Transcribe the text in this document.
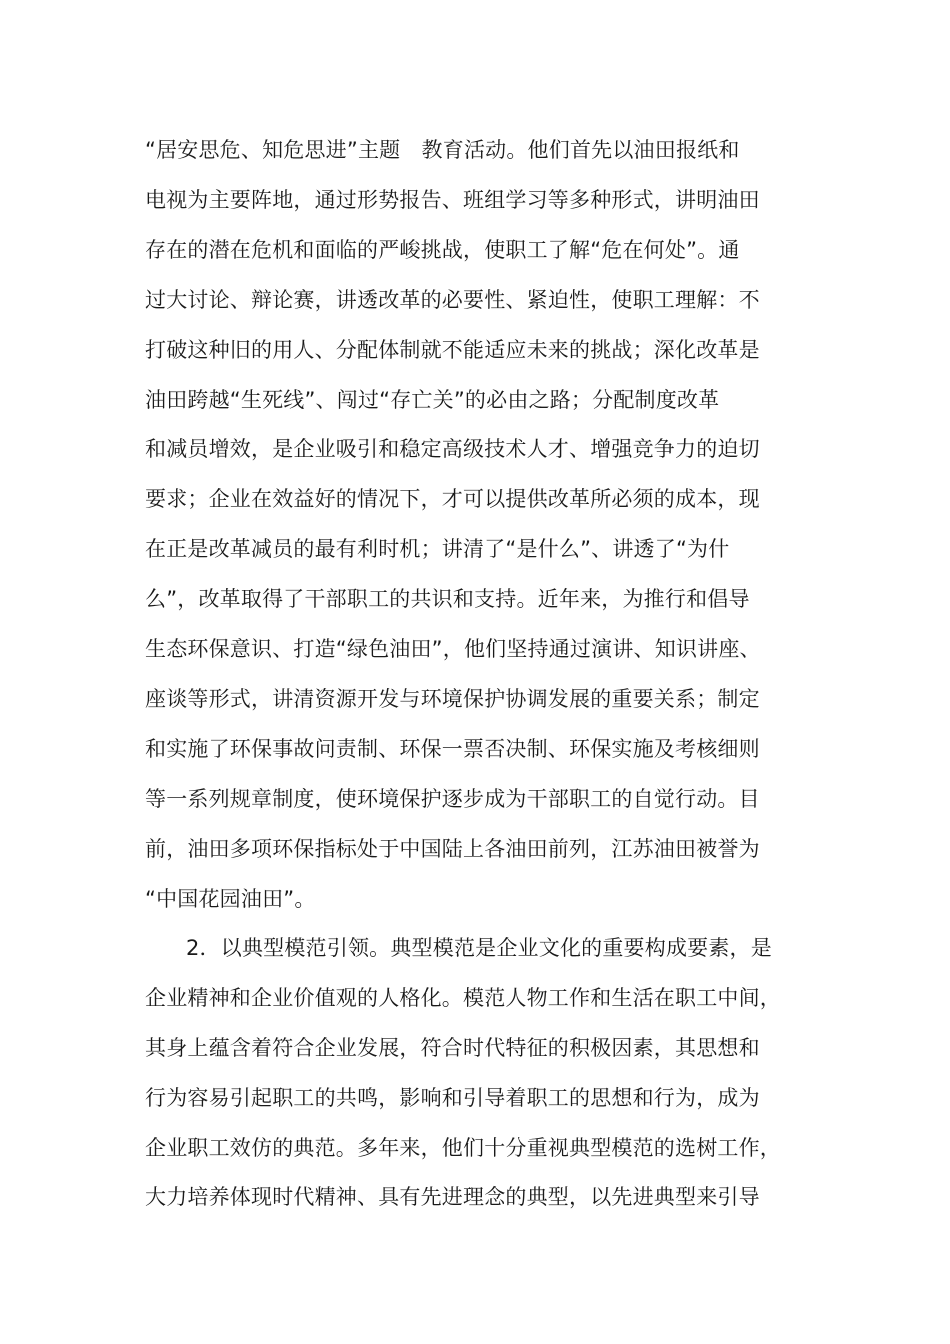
“居安思危、知危思进”主题　教育活动。他们首先以油田报纸和
电视为主要阵地，通过形势报告、班组学习等多种形式，讲明油田
存在的潜在危机和面临的严峻挑战，使职工了解“危在何处”。通
过大讨论、辩论赛，讲透改革的必要性、紧迫性，使职工理解：不
打破这种旧的用人、分配体制就不能适应未来的挑战；深化改革是
油田跨越“生死线”、闯过“存亡关”的必由之路；分配制度改革
和减员增效，是企业吸引和稳定高级技术人才、增强竞争力的迫切
要求；企业在效益好的情况下，才可以提供改革所必须的成本，现
在正是改革减员的最有利时机；讲清了“是什么”、讲透了“为什
么”，改革取得了干部职工的共识和支持。近年来，为推行和倡导
生态环保意识、打造“绿色油田”，他们坚持通过演讲、知识讲座、
座谈等形式，讲清资源开发与环境保护协调发展的重要关系；制定
和实施了环保事故问责制、环保一票否决制、环保实施及考核细则
等一系列规章制度，使环境保护逐步成为干部职工的自觉行动。目
前，油田多项环保指标处于中国陆上各油田前列，江苏油田被誉为
“中国花园油田”。
2．以典型模范引领。典型模范是企业文化的重要构成要素，是
企业精神和企业价值观的人格化。模范人物工作和生活在职工中间，
其身上蕴含着符合企业发展，符合时代特征的积极因素，其思想和
行为容易引起职工的共鸣，影响和引导着职工的思想和行为，成为
企业职工效仿的典范。多年来，他们十分重视典型模范的选树工作，
大力培养体现时代精神、具有先进理念的典型，以先进典型来引导
